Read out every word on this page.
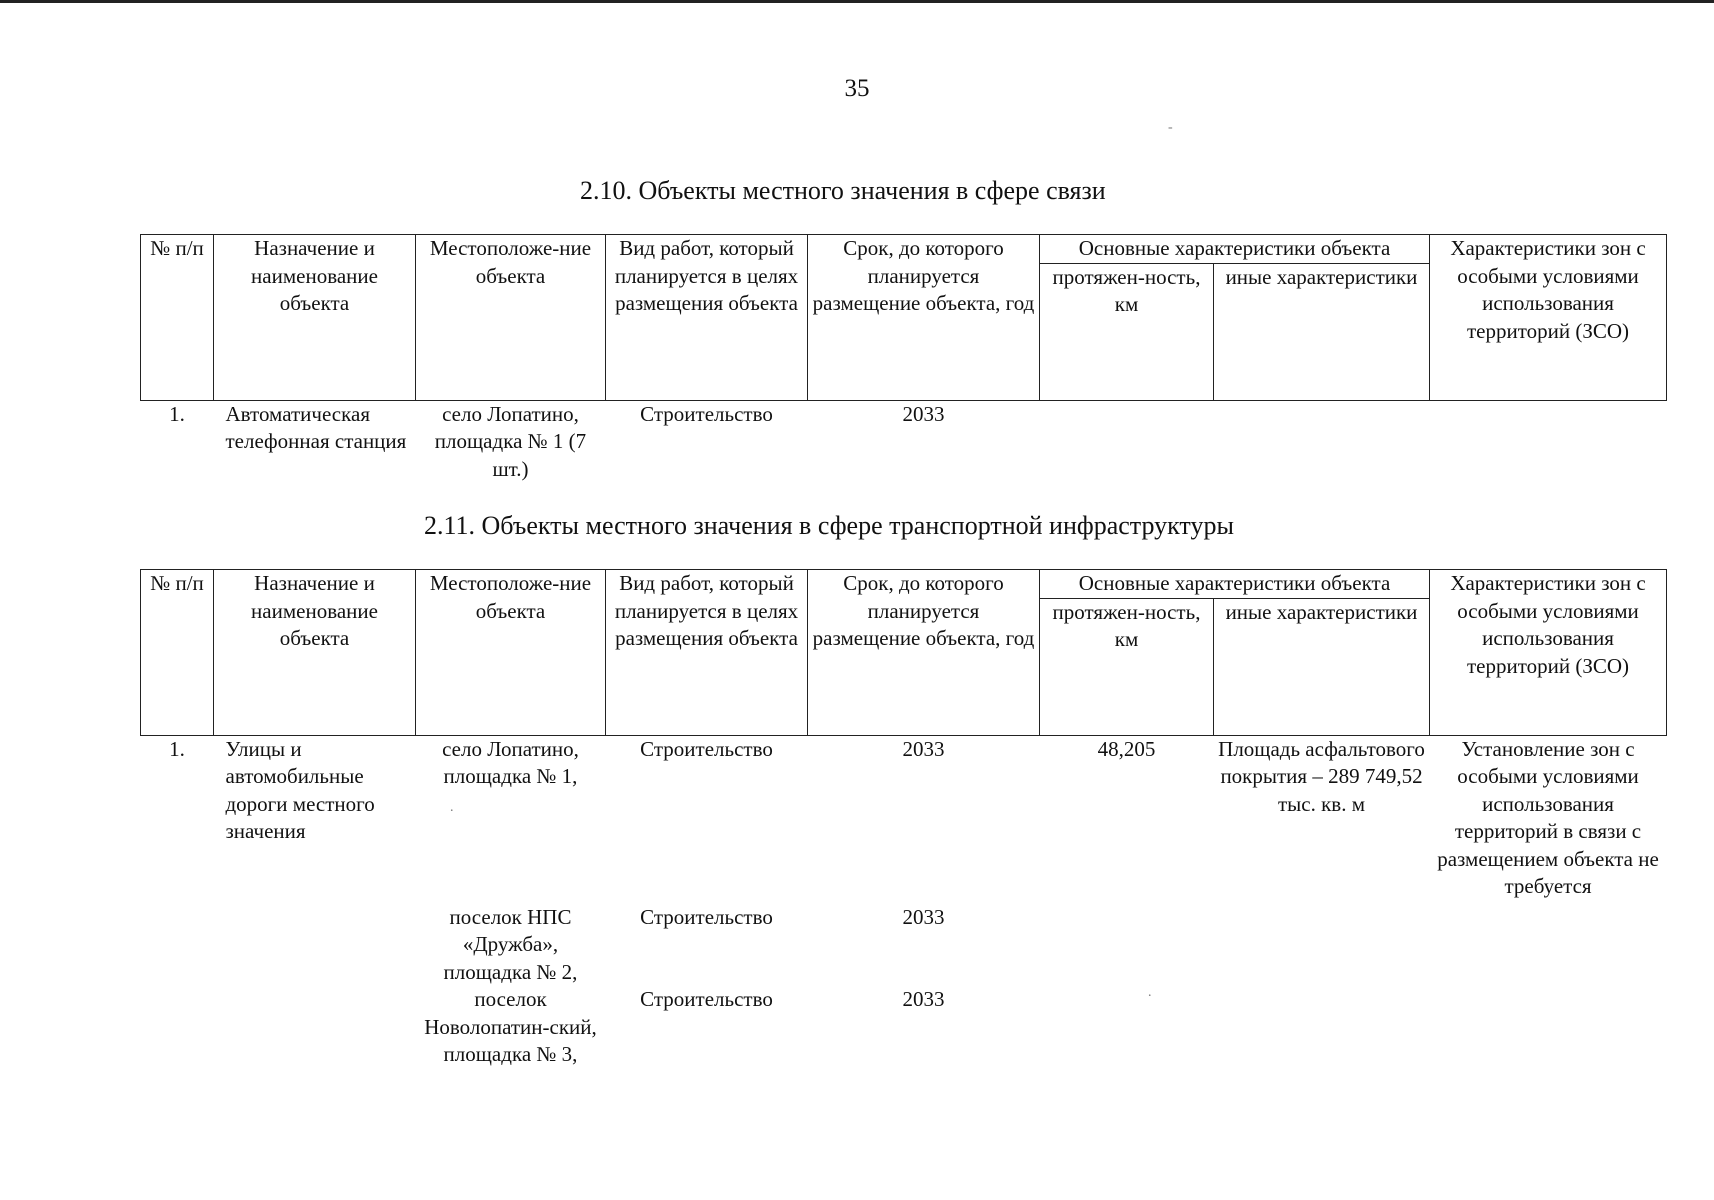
35
2.10. Объекты местного значения в сфере связи
№ п/п	Назначение и наименование объекта	Местоположе-ние объекта	Вид работ, который планируется в целях размещения объекта	Срок, до которого планируется размещение объекта, год	Основные характеристики объекта		Характеристики зон с особыми условиями использования территорий (ЗСО)
					протяжен-ность, км	иные характеристики	
1.	Автоматическая телефонная станция	село Лопатино, площадка № 1 (7 шт.)	Строительство	2033			
2.11. Объекты местного значения в сфере транспортной инфраструктуры
№ п/п	Назначение и наименование объекта	Местоположе-ние объекта	Вид работ, который планируется в целях размещения объекта	Срок, до которого планируется размещение объекта, год	Основные характеристики объекта		Характеристики зон с особыми условиями использования территорий (ЗСО)
					протяжен-ность, км	иные характеристики	
1.	Улицы и автомобильные дороги местного значения	село Лопатино, площадка № 1,	Строительство	2033	48,205	Площадь асфальтового покрытия – 289 749,52 тыс. кв. м	Установление зон с особыми условиями использования территорий в связи с размещением объекта не требуется
		поселок НПС «Дружба», площадка № 2,	Строительство	2033			
		поселок Новолопатин-ский, площадка № 3,	Строительство	2033			
-
.
.
